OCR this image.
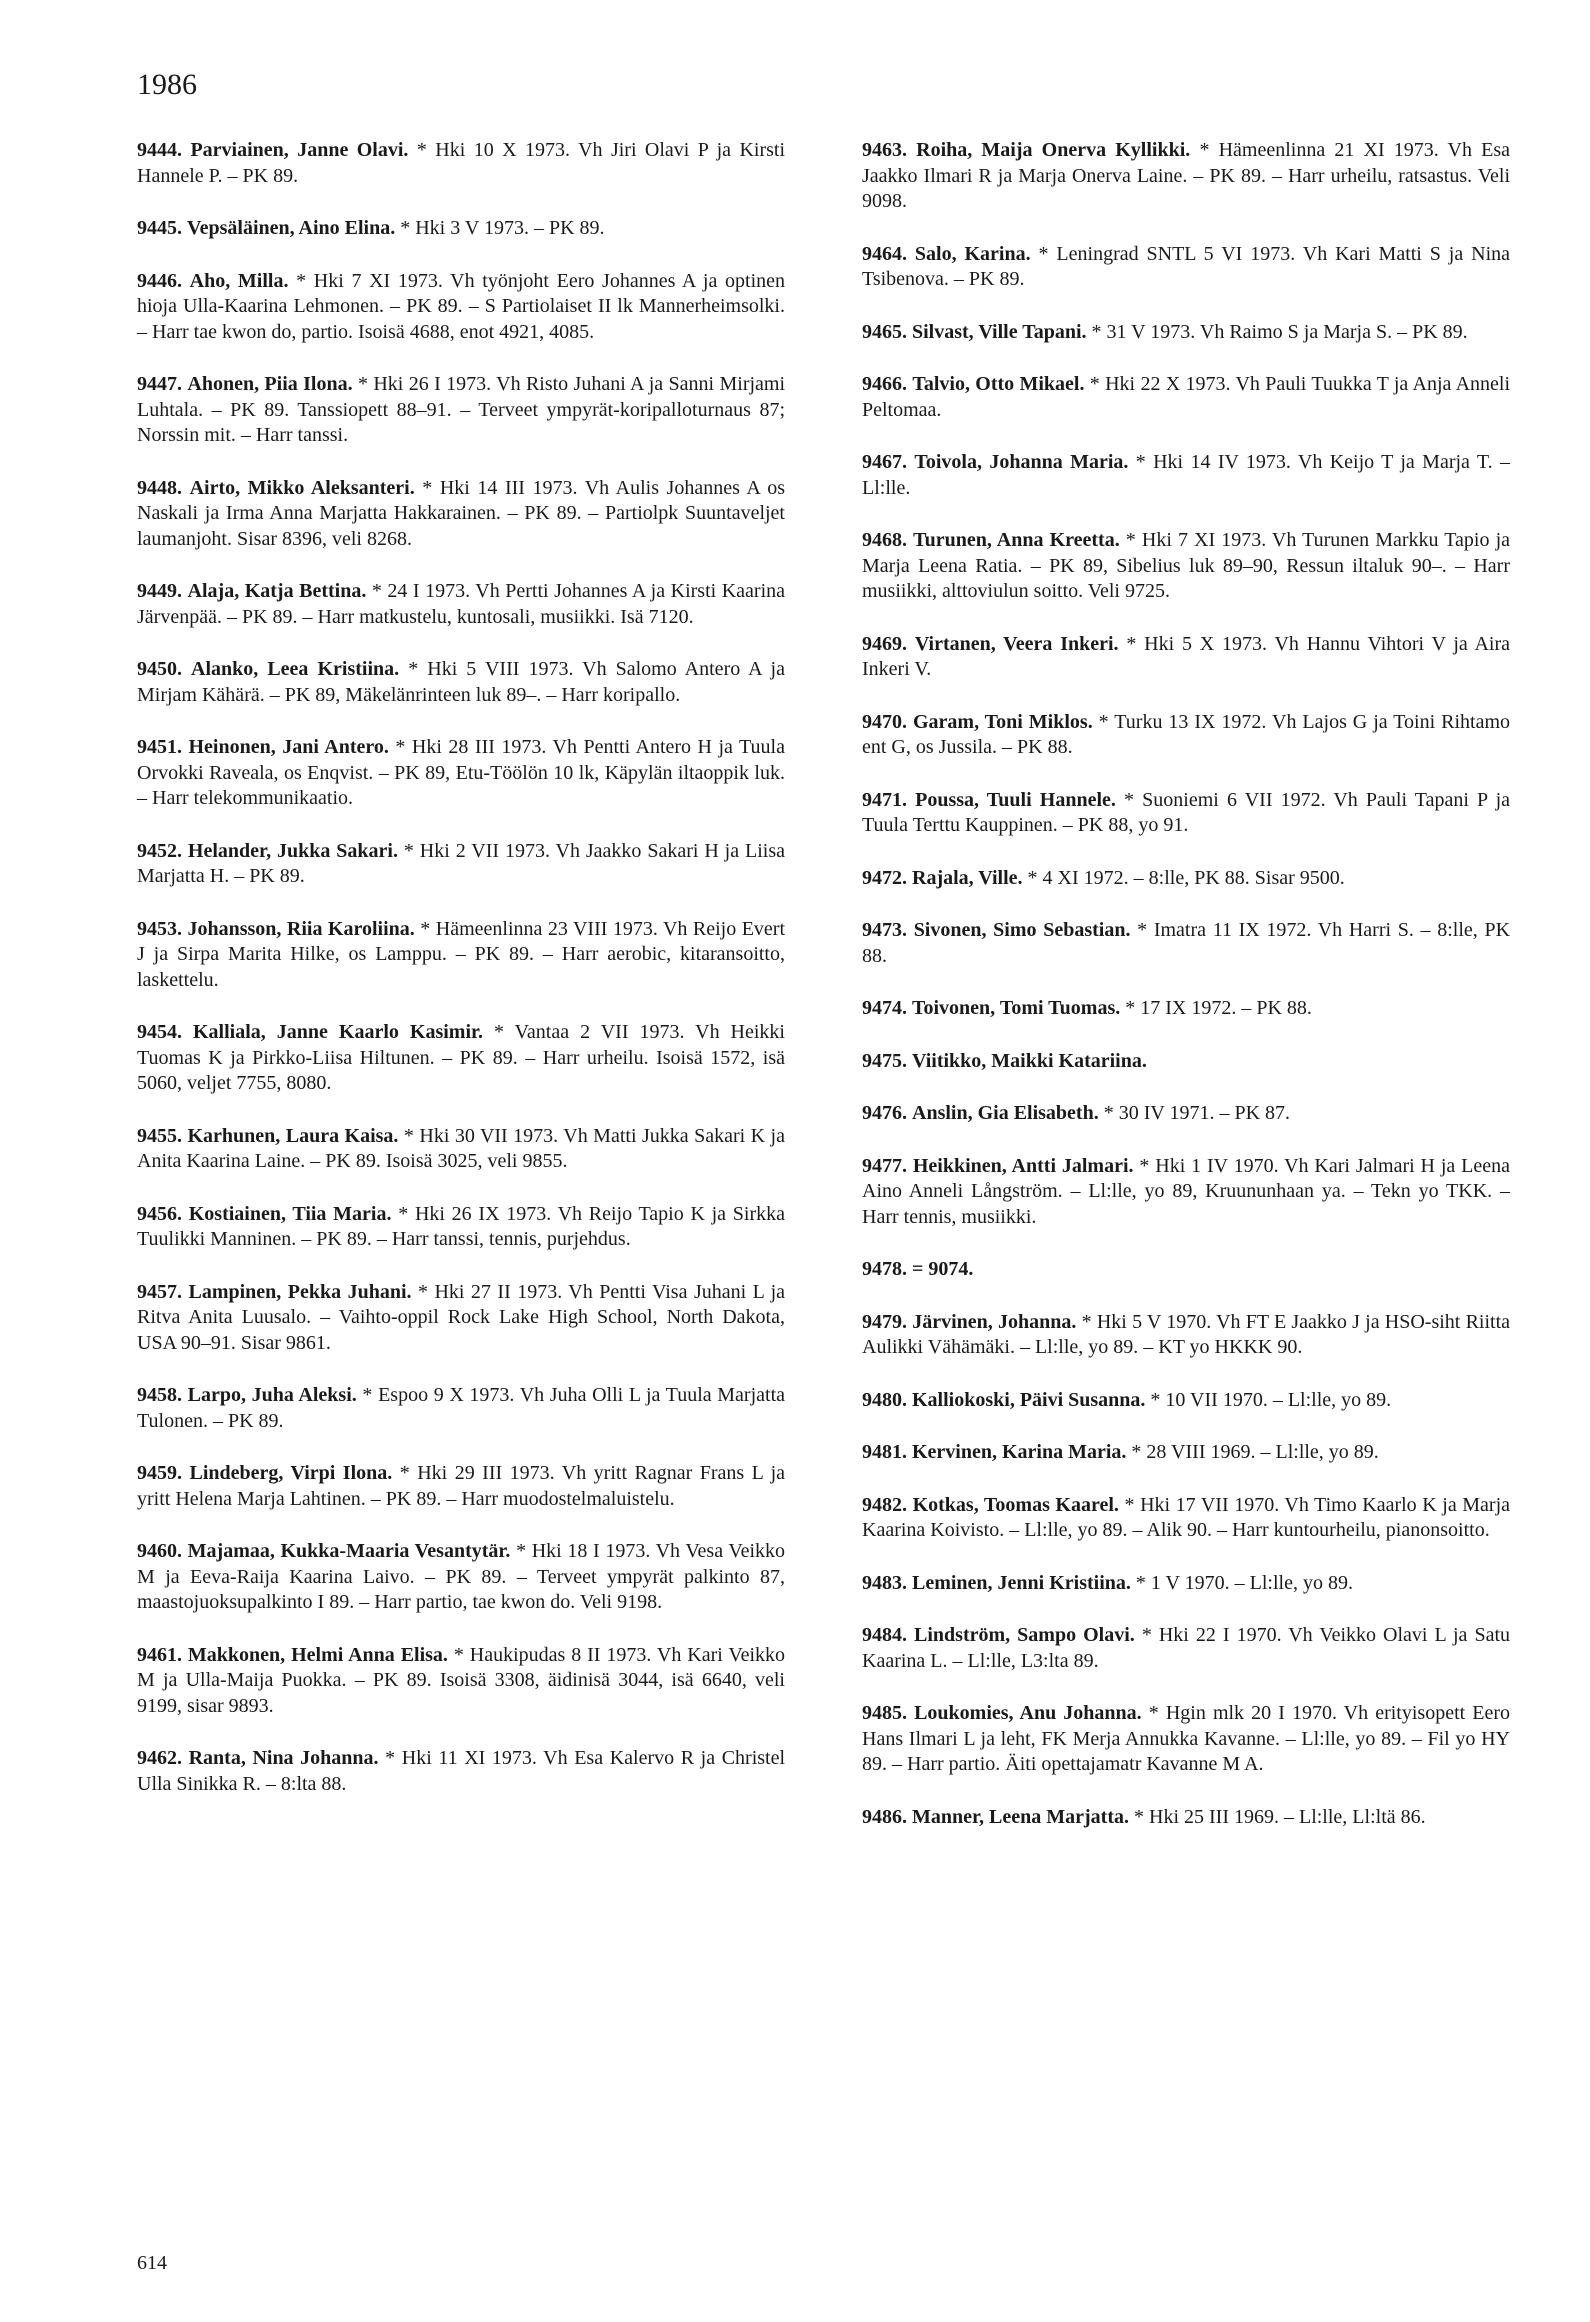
1986

9444. Parviainen, Janne Olavi. * Hki 10 X 1973. Vh Jiri Olavi P ja Kirsti Hannele P. – PK 89.

9445. Vepsäläinen, Aino Elina. * Hki 3 V 1973. – PK 89.

9446. Aho, Milla. * Hki 7 XI 1973. Vh työnjoht Eero Johannes A ja optinen hioja Ulla-Kaarina Lehmonen. – PK 89. – S Partiolaiset II lk Mannerheimsolki. – Harr tae kwon do, partio. Isoisä 4688, enot 4921, 4085.

9447. Ahonen, Piia Ilona. * Hki 26 I 1973. Vh Risto Juhani A ja Sanni Mirjami Luhtala. – PK 89. Tanssiopett 88–91. – Terveet ympyrät-koripalloturnaus 87; Norssin mit. – Harr tanssi.

9448. Airto, Mikko Aleksanteri. * Hki 14 III 1973. Vh Aulis Johannes A os Naskali ja Irma Anna Marjatta Hakkarainen. – PK 89. – Partiolpk Suuntaveljet laumanjoht. Sisar 8396, veli 8268.

9449. Alaja, Katja Bettina. * 24 I 1973. Vh Pertti Johannes A ja Kirsti Kaarina Järvenpää. – PK 89. – Harr matkustelu, kuntosali, musiikki. Isä 7120.

9450. Alanko, Leea Kristiina. * Hki 5 VIII 1973. Vh Salomo Antero A ja Mirjam Kähärä. – PK 89, Mäkelänrinteen luk 89–. – Harr koripallo.

9451. Heinonen, Jani Antero. * Hki 28 III 1973. Vh Pentti Antero H ja Tuula Orvokki Raveala, os Enqvist. – PK 89, Etu-Töölön 10 lk, Käpylän iltaoppik luk. – Harr telekommunikaatio.

9452. Helander, Jukka Sakari. * Hki 2 VII 1973. Vh Jaakko Sakari H ja Liisa Marjatta H. – PK 89.

9453. Johansson, Riia Karoliina. * Hämeenlinna 23 VIII 1973. Vh Reijo Evert J ja Sirpa Marita Hilke, os Lamppu. – PK 89. – Harr aerobic, kitaransoitto, laskettelu.

9454. Kalliala, Janne Kaarlo Kasimir. * Vantaa 2 VII 1973. Vh Heikki Tuomas K ja Pirkko-Liisa Hiltunen. – PK 89. – Harr urheilu. Isoisä 1572, isä 5060, veljet 7755, 8080.

9455. Karhunen, Laura Kaisa. * Hki 30 VII 1973. Vh Matti Jukka Sakari K ja Anita Kaarina Laine. – PK 89. Isoisä 3025, veli 9855.

9456. Kostiainen, Tiia Maria. * Hki 26 IX 1973. Vh Reijo Tapio K ja Sirkka Tuulikki Manninen. – PK 89. – Harr tanssi, tennis, purjehdus.

9457. Lampinen, Pekka Juhani. * Hki 27 II 1973. Vh Pentti Visa Juhani L ja Ritva Anita Luusalo. – Vaihto-oppil Rock Lake High School, North Dakota, USA 90–91. Sisar 9861.

9458. Larpo, Juha Aleksi. * Espoo 9 X 1973. Vh Juha Olli L ja Tuula Marjatta Tulonen. – PK 89.

9459. Lindeberg, Virpi Ilona. * Hki 29 III 1973. Vh yritt Ragnar Frans L ja yritt Helena Marja Lahtinen. – PK 89. – Harr muodostelmaluistelu.

9460. Majamaa, Kukka-Maaria Vesantytär. * Hki 18 I 1973. Vh Vesa Veikko M ja Eeva-Raija Kaarina Laivo. – PK 89. – Terveet ympyrät palkinto 87, maastojuoksupalkinto I 89. – Harr partio, tae kwon do. Veli 9198.

9461. Makkonen, Helmi Anna Elisa. * Haukipudas 8 II 1973. Vh Kari Veikko M ja Ulla-Maija Puokka. – PK 89. Isoisä 3308, äidinisä 3044, isä 6640, veli 9199, sisar 9893.

9462. Ranta, Nina Johanna. * Hki 11 XI 1973. Vh Esa Kalervo R ja Christel Ulla Sinikka R. – 8:lta 88.

9463. Roiha, Maija Onerva Kyllikki. * Hämeenlinna 21 XI 1973. Vh Esa Jaakko Ilmari R ja Marja Onerva Laine. – PK 89. – Harr urheilu, ratsastus. Veli 9098.

9464. Salo, Karina. * Leningrad SNTL 5 VI 1973. Vh Kari Matti S ja Nina Tsibenova. – PK 89.

9465. Silvast, Ville Tapani. * 31 V 1973. Vh Raimo S ja Marja S. – PK 89.

9466. Talvio, Otto Mikael. * Hki 22 X 1973. Vh Pauli Tuukka T ja Anja Anneli Peltomaa.

9467. Toivola, Johanna Maria. * Hki 14 IV 1973. Vh Keijo T ja Marja T. – Ll:lle.

9468. Turunen, Anna Kreetta. * Hki 7 XI 1973. Vh Turunen Markku Tapio ja Marja Leena Ratia. – PK 89, Sibelius luk 89–90, Ressun iltaluk 90–. – Harr musiikki, alttoviulun soitto. Veli 9725.

9469. Virtanen, Veera Inkeri. * Hki 5 X 1973. Vh Hannu Vihtori V ja Aira Inkeri V.

9470. Garam, Toni Miklos. * Turku 13 IX 1972. Vh Lajos G ja Toini Rihtamo ent G, os Jussila. – PK 88.

9471. Poussa, Tuuli Hannele. * Suoniemi 6 VII 1972. Vh Pauli Tapani P ja Tuula Terttu Kauppinen. – PK 88, yo 91.

9472. Rajala, Ville. * 4 XI 1972. – 8:lle, PK 88. Sisar 9500.

9473. Sivonen, Simo Sebastian. * Imatra 11 IX 1972. Vh Harri S. – 8:lle, PK 88.

9474. Toivonen, Tomi Tuomas. * 17 IX 1972. – PK 88.

9475. Viitikko, Maikki Katariina.

9476. Anslin, Gia Elisabeth. * 30 IV 1971. – PK 87.

9477. Heikkinen, Antti Jalmari. * Hki 1 IV 1970. Vh Kari Jalmari H ja Leena Aino Anneli Långström. – Ll:lle, yo 89, Kruununhaan ya. – Tekn yo TKK. – Harr tennis, musiikki.

9478. = 9074.

9479. Järvinen, Johanna. * Hki 5 V 1970. Vh FT E Jaakko J ja HSO-siht Riitta Aulikki Vähämäki. – Ll:lle, yo 89. – KT yo HKKK 90.

9480. Kalliokoski, Päivi Susanna. * 10 VII 1970. – Ll:lle, yo 89.

9481. Kervinen, Karina Maria. * 28 VIII 1969. – Ll:lle, yo 89.

9482. Kotkas, Toomas Kaarel. * Hki 17 VII 1970. Vh Timo Kaarlo K ja Marja Kaarina Koivisto. – Ll:lle, yo 89. – Alik 90. – Harr kuntourheilu, pianonsoitto.

9483. Leminen, Jenni Kristiina. * 1 V 1970. – Ll:lle, yo 89.

9484. Lindström, Sampo Olavi. * Hki 22 I 1970. Vh Veikko Olavi L ja Satu Kaarina L. – Ll:lle, L3:lta 89.

9485. Loukomies, Anu Johanna. * Hgin mlk 20 I 1970. Vh erityisopett Eero Hans Ilmari L ja leht, FK Merja Annukka Kavanne. – Ll:lle, yo 89. – Fil yo HY 89. – Harr partio. Äiti opettajamatr Kavanne M A.

9486. Manner, Leena Marjatta. * Hki 25 III 1969. – Ll:lle, Ll:ltä 86.

614
